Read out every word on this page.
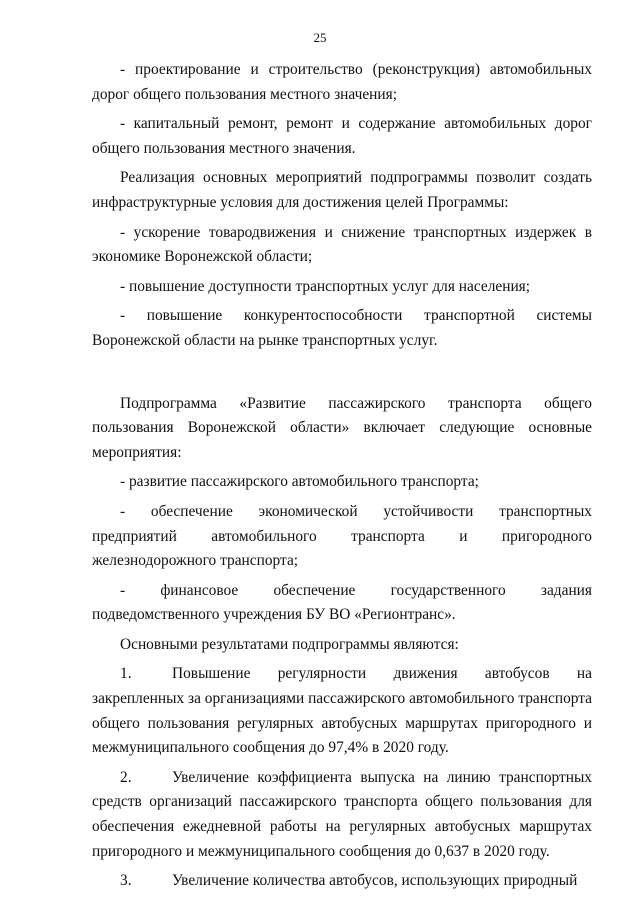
25

- проектирование и строительство (реконструкция) автомобильных дорог общего пользования местного значения;

- капитальный ремонт, ремонт и содержание автомобильных дорог общего пользования местного значения.

Реализация основных мероприятий подпрограммы позволит создать инфраструктурные условия для достижения целей Программы:

- ускорение товародвижения и снижение транспортных издержек в экономике Воронежской области;

- повышение доступности транспортных услуг для населения;

- повышение конкурентоспособности транспортной системы Воронежской области на рынке транспортных услуг.

Подпрограмма «Развитие пассажирского транспорта общего пользования Воронежской области» включает следующие основные мероприятия:

- развитие пассажирского автомобильного транспорта;

- обеспечение экономической устойчивости транспортных предприятий автомобильного транспорта и пригородного железнодорожного транспорта;

- финансовое обеспечение государственного задания подведомственного учреждения БУ ВО «Регионтранс».

Основными результатами подпрограммы являются:

1.	Повышение регулярности движения автобусов на закрепленных за организациями пассажирского автомобильного транспорта общего пользования регулярных автобусных маршрутах пригородного и межмуниципального сообщения до 97,4% в 2020 году.

2.	Увеличение коэффициента выпуска на линию транспортных средств организаций пассажирского транспорта общего пользования для обеспечения ежедневной работы на регулярных автобусных маршрутах пригородного и межмуниципального сообщения до 0,637 в 2020 году.

3.	Увеличение количества автобусов, использующих природный
